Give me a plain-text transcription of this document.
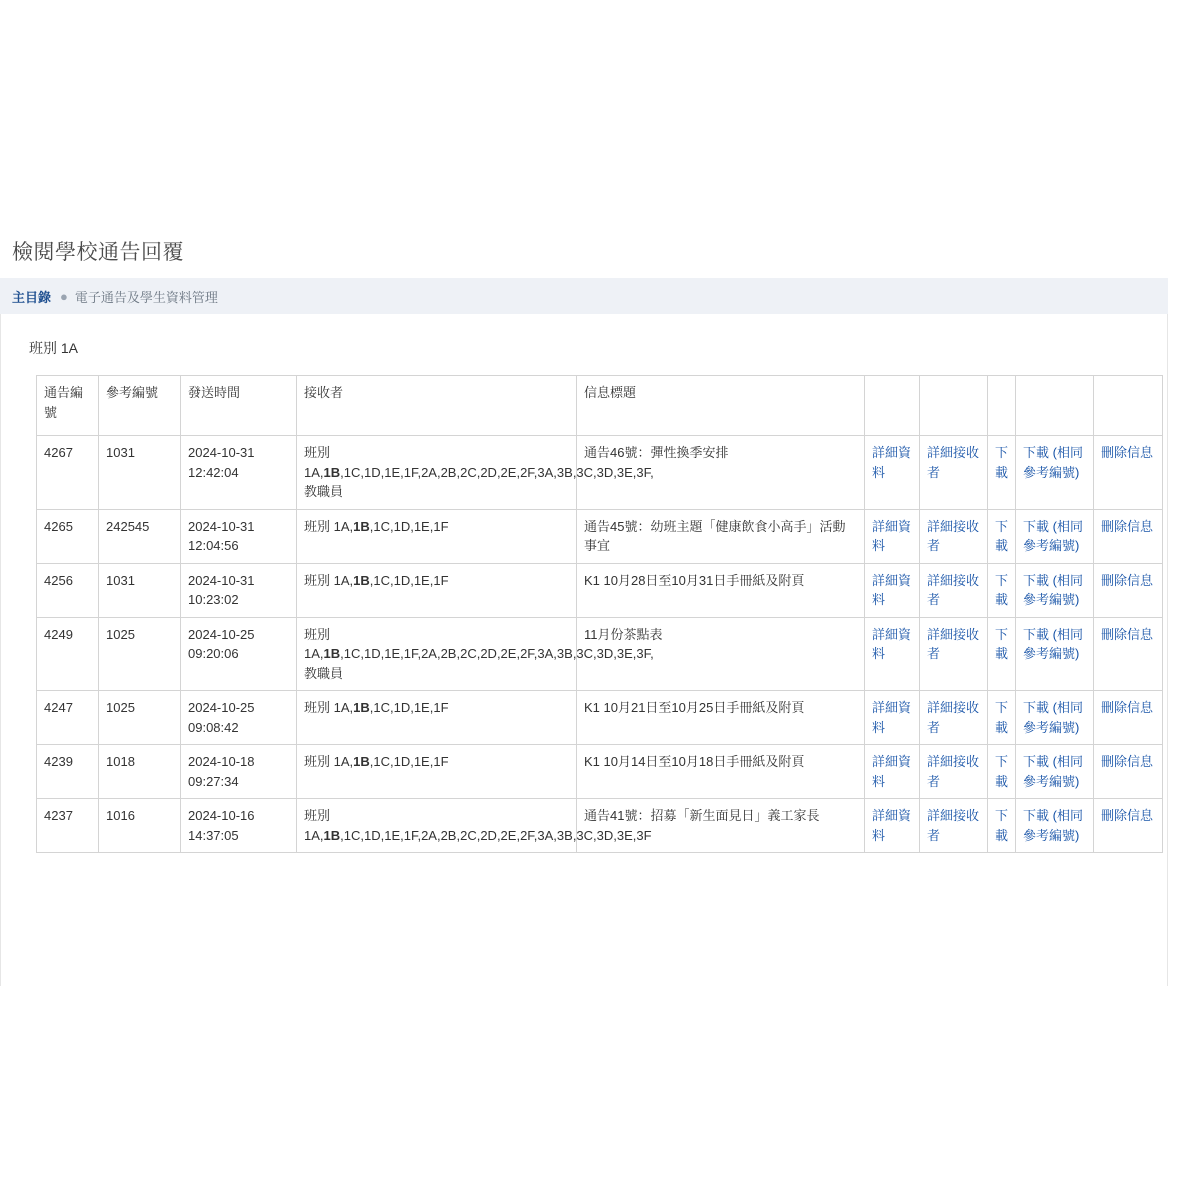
檢閱學校通告回覆
主目錄 ● 電子通告及學生資料管理
班別 1A
通告編號	參考編號	發送時間	接收者	信息標題					
4267	1031	2024-10-31 12:42:04	班別 1A,1B,1C,1D,1E,1F,2A,2B,2C,2D,2E,2F,3A,3B,3C,3D,3E,3F,教職員	通告46號：彈性換季安排	詳細資料	詳細接收者	下載	下載 (相同參考編號)	刪除信息
4265	242545	2024-10-31 12:04:56	班別 1A,1B,1C,1D,1E,1F	通告45號：幼班主題「健康飲食小高手」活動事宜	詳細資料	詳細接收者	下載	下載 (相同參考編號)	刪除信息
4256	1031	2024-10-31 10:23:02	班別 1A,1B,1C,1D,1E,1F	K1 10月28日至10月31日手冊紙及附頁	詳細資料	詳細接收者	下載	下載 (相同參考編號)	刪除信息
4249	1025	2024-10-25 09:20:06	班別 1A,1B,1C,1D,1E,1F,2A,2B,2C,2D,2E,2F,3A,3B,3C,3D,3E,3F,教職員	11月份茶點表	詳細資料	詳細接收者	下載	下載 (相同參考編號)	刪除信息
4247	1025	2024-10-25 09:08:42	班別 1A,1B,1C,1D,1E,1F	K1 10月21日至10月25日手冊紙及附頁	詳細資料	詳細接收者	下載	下載 (相同參考編號)	刪除信息
4239	1018	2024-10-18 09:27:34	班別 1A,1B,1C,1D,1E,1F	K1 10月14日至10月18日手冊紙及附頁	詳細資料	詳細接收者	下載	下載 (相同參考編號)	刪除信息
4237	1016	2024-10-16 14:37:05	班別 1A,1B,1C,1D,1E,1F,2A,2B,2C,2D,2E,2F,3A,3B,3C,3D,3E,3F	通告41號：招募「新生面見日」義工家長	詳細資料	詳細接收者	下載	下載 (相同參考編號)	刪除信息
